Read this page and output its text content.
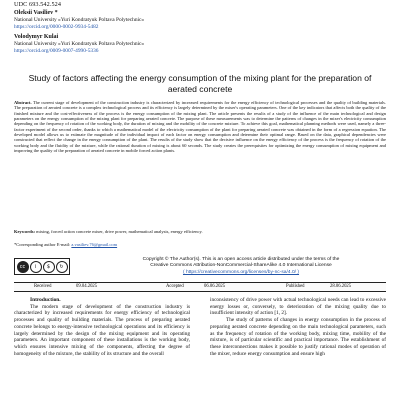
UDC 693.542.524
Oleksii Vasiliev *
National University «Yuri Kondratyuk Poltava Polytechnic»
https://orcid.org/0000-0002-9934-5482
Volodymyr Kulai
National University «Yuri Kondratyuk Poltava Polytechnic»
https://orcid.org/0009-0007-4990-5336
Study of factors affecting the energy consumption of the mixing plant for the preparation of aerated concrete
Abstract. The current stage of development of the construction industry is characterized by increased requirements for the energy efficiency of technological processes and the quality of building materials. The preparation of aerated concrete is a complex technological process and its efficiency is largely determined by the mixer's operating parameters. One of the key indicators that affects both the quality of the finished mixture and the cost-effectiveness of the process is the energy consumption of the mixing plant. The article presents the results of a study of the influence of the main technological and design parameters on the energy consumption of the mixing plant for preparing aerated concrete. The purpose of these measurements was to determine the patterns of changes in the mixer's electricity consumption depending on the frequency of rotation of the working body, the duration of mixing and the mobility of the concrete mixture. To achieve this goal, mathematical planning methods were used, namely a three-factor experiment of the second order, thanks to which a mathematical model of the electricity consumption of the plant for preparing aerated concrete was obtained in the form of a regression equation. The developed model allows us to estimate the magnitude of the individual impact of each factor on energy consumption and determine their optimal range. Based on the data, graphical dependencies were constructed that reflect the change in the energy consumption of the plant. The results of the study show that the decisive influence on the energy efficiency of the process is the frequency of rotation of the working body and the fluidity of the mixture, while the rational duration of mixing is about 60 seconds. The study creates the prerequisites for optimizing the energy consumption of mixing equipment and improving the quality of the preparation of aerated concrete in mobile forced action plants.
Keywords: mixing, forced action concrete mixer, drive power, mathematical analysis, energy efficiency.
*Corresponding author E-mail: a.vasiliev.76@gmail.com
cc	i	$	↻
Copyright © The Author(s). This is an open access article distributed under the terms of the
Creative Commons Attribution-NonCommercial-ShareAlike 4.0 International License
( https://creativecommons.org/licenses/by-nc-sa/4.0/ )
Received	09.04.2025	Accepted	06.06.2025	Published	28.06.2025
Introduction.

The modern stage of development of the construction industry is characterized by increased requirements for energy efficiency of technological processes and quality of building materials. The process of preparing aerated concrete belongs to energy-intensive technological operations and its efficiency is largely determined by the design of the mixing equipment and its operating parameters. An important component of these installations is the working body, which ensures intensive mixing of the components, affecting the degree of homogeneity of the mixture, the stability of its structure and the overall

inconsistency of drive power with actual technological needs can lead to excessive energy losses or, conversely, to deterioration of the mixing quality due to insufficient intensity of action [1, 2].

The study of patterns of changes in energy consumption in the process of preparing aerated concrete depending on the main technological parameters, such as the frequency of rotation of the working body, mixing time, mobility of the mixture, is of particular scientific and practical importance. The establishment of these interconnections makes it possible to justify rational modes of operation of the mixer, reduce energy consumption and ensure high
